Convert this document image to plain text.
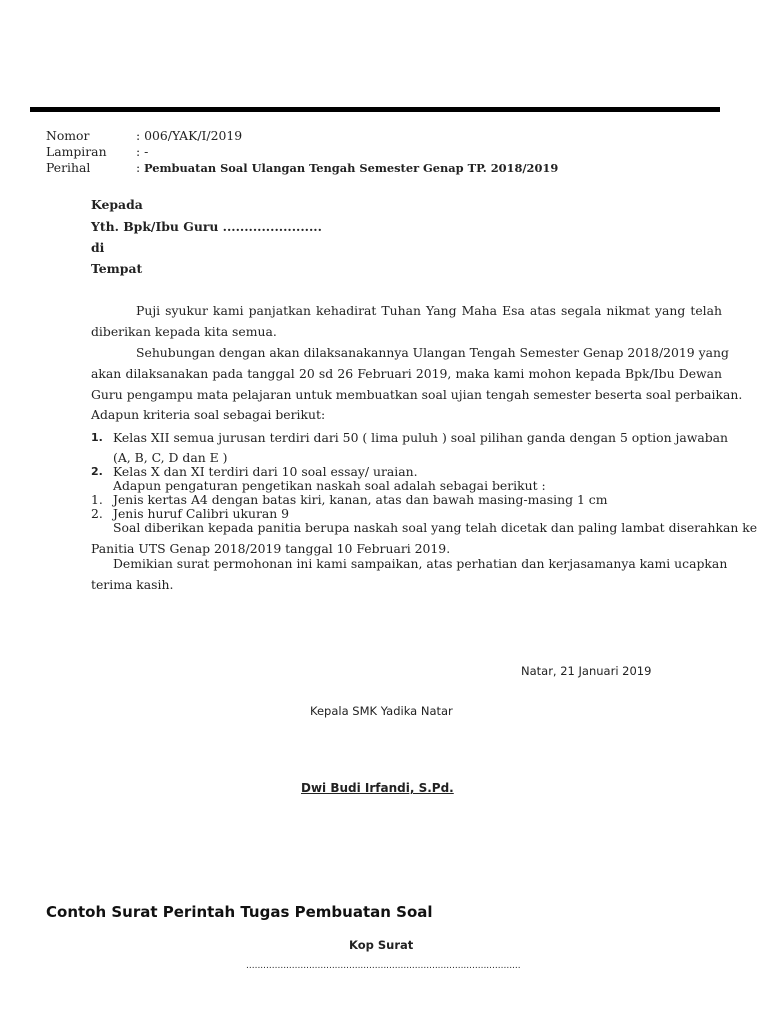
Nomor	: 006/YAK/I/2019
Lampiran : -
Perihal	: Pembuatan Soal Ulangan Tengah Semester Genap TP. 2018/2019
Kepada
Yth. Bpk/Ibu Guru .......................
di
Tempat
Puji syukur kami panjatkan kehadirat Tuhan Yang Maha Esa atas segala nikmat yang telah
diberikan kepada kita semua.
Sehubungan dengan akan dilaksanakannya Ulangan Tengah Semester Genap 2018/2019 yang
akan dilaksanakan pada tanggal 20 sd 26 Februari 2019, maka kami mohon kepada Bpk/Ibu Dewan
Guru pengampu mata pelajaran untuk membuatkan soal ujian tengah semester beserta soal perbaikan.
Adapun kriteria soal sebagai berikut:
1. Kelas XII semua jurusan terdiri dari 50 ( lima puluh ) soal pilihan ganda dengan 5 option jawaban
(A, B, C, D dan E )
2. Kelas X dan XI terdiri dari 10 soal essay/ uraian.
Adapun pengaturan pengetikan naskah soal adalah sebagai berikut :
1. Jenis kertas A4 dengan batas kiri, kanan, atas dan bawah masing-masing 1 cm
2. Jenis huruf Calibri ukuran 9
Soal diberikan kepada panitia berupa naskah soal yang telah dicetak dan paling lambat diserahkan ke
Panitia UTS Genap 2018/2019 tanggal 10 Februari 2019.
Demikian surat permohonan ini kami sampaikan, atas perhatian dan kerjasamanya kami ucapkan
terima kasih.
Natar, 21 Januari 2019
Kepala SMK Yadika Natar
Dwi Budi Irfandi, S.Pd.
Contoh Surat Perintah Tugas Pembuatan Soal
Kop Surat
................................................................................................
